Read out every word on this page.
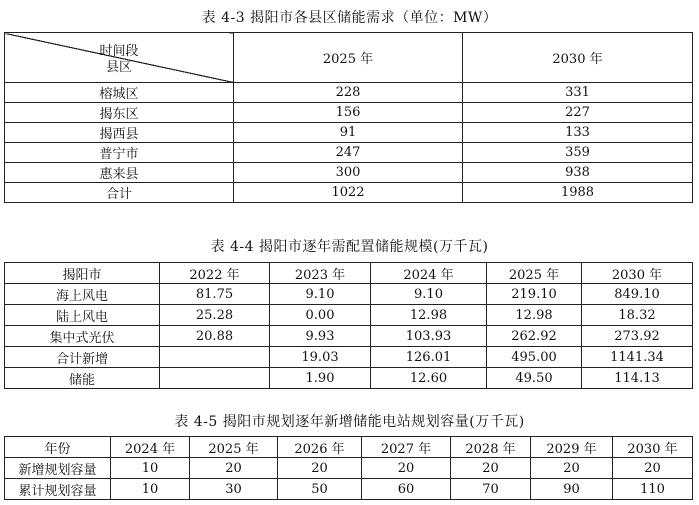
表 4-3 揭阳市各县区储能需求（单位：MW）
时间段
县区	2025 年	2030 年
榕城区	228	331
揭东区	156	227
揭西县	91	133
普宁市	247	359
惠来县	300	938
合计	1022	1988
表 4-4 揭阳市逐年需配置储能规模(万千瓦)
揭阳市	2022 年	2023 年	2024 年	2025 年	2030 年
海上风电	81.75	9.10	9.10	219.10	849.10
陆上风电	25.28	0.00	12.98	12.98	18.32
集中式光伏	20.88	9.93	103.93	262.92	273.92
合计新增		19.03	126.01	495.00	1141.34
储能		1.90	12.60	49.50	114.13
表 4-5 揭阳市规划逐年新增储能电站规划容量(万千瓦)
年份	2024 年	2025 年	2026 年	2027 年	2028 年	2029 年	2030 年
新增规划容量	10	20	20	20	20	20	20
累计规划容量	10	30	50	60	70	90	110
